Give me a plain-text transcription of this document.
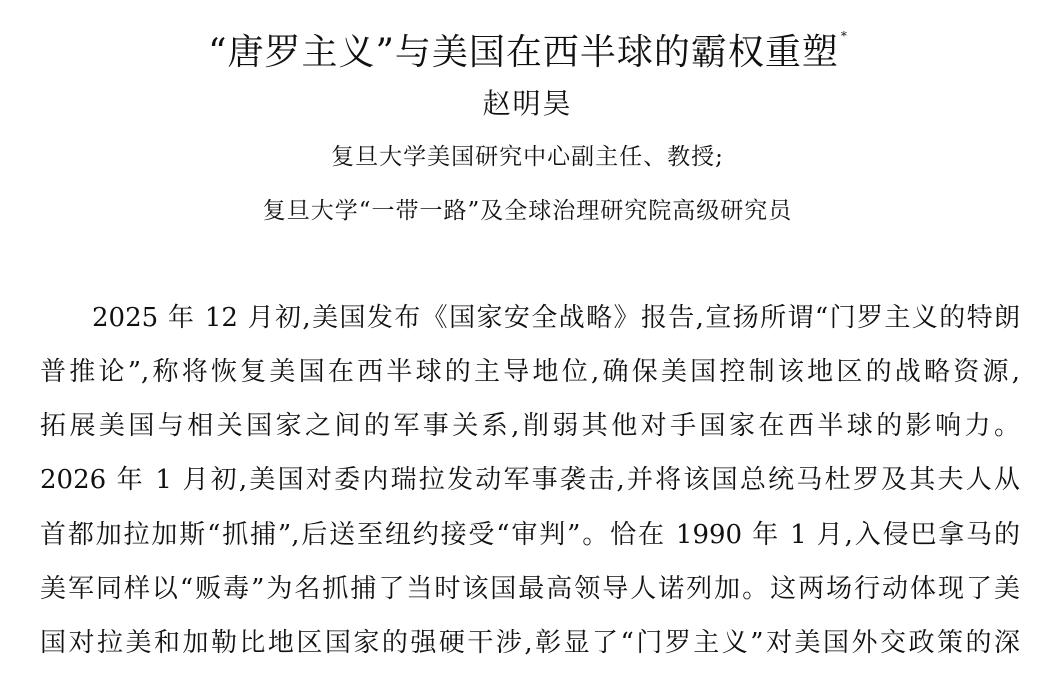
“唐罗主义”与美国在西半球的霸权重塑 *
赵明昊
复旦大学美国研究中心副主任、教授;
复旦大学“一带一路”及全球治理研究院高级研究员
2025 年 12 月初,美国发布《国家安全战略》报告,宣扬所谓“门罗主义的特朗
普推论”,称将恢复美国在西半球的主导地位,确保美国控制该地区的战略资源,
拓展美国与相关国家之间的军事关系,削弱其他对手国家在西半球的影响力。
2026 年 1 月初,美国对委内瑞拉发动军事袭击,并将该国总统马杜罗及其夫人从
首都加拉加斯“抓捕”,后送至纽约接受“审判”。恰在 1990 年 1 月,入侵巴拿马的
美军同样以“贩毒”为名抓捕了当时该国最高领导人诺列加。这两场行动体现了美
国对拉美和加勒比地区国家的强硬干涉,彰显了“门罗主义”对美国外交政策的深
